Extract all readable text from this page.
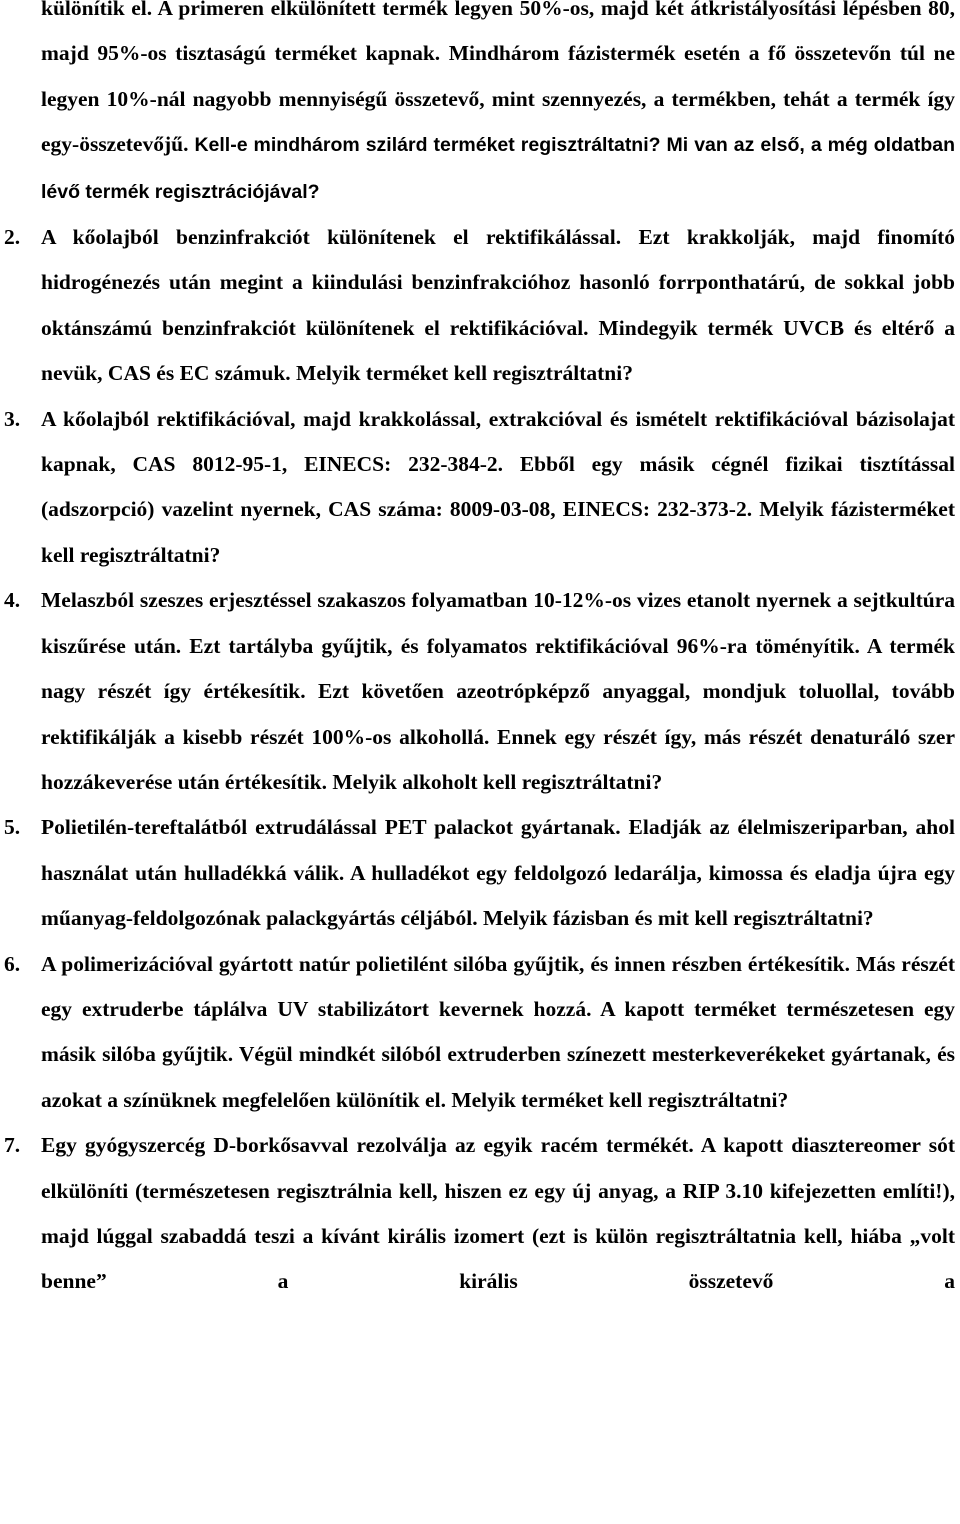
különítik el. A primeren elkülönített termék legyen 50%-os, majd két átkristályosítási lépésben 80, majd 95%-os tisztaságú terméket kapnak. Mindhárom fázistermék esetén a fő összetevőn túl ne legyen 10%-nál nagyobb mennyiségű összetevő, mint szennyezés, a termékben, tehát a termék így egy-összetevőjű. Kell-e mindhárom szilárd terméket regisztráltatni? Mi van az első, a még oldatban lévő termék regisztrációjával?

2. A kőolajból benzinfrakciót különítenek el rektifikálással. Ezt krakkolják, majd finomító hidrogénezés után megint a kiindulási benzinfrakcióhoz hasonló forrponthatárú, de sokkal jobb oktánszámú benzinfrakciót különítenek el rektifikációval. Mindegyik termék UVCB és eltérő a nevük, CAS és EC számuk. Melyik terméket kell regisztráltatni?

3. A kőolajból rektifikációval, majd krakkolással, extrakcióval és ismételt rektifikációval bázisolajat kapnak, CAS 8012-95-1, EINECS: 232-384-2. Ebből egy másik cégnél fizikai tisztítással (adszorpció) vazelint nyernek, CAS száma: 8009-03-08, EINECS: 232-373-2. Melyik fázisterméket kell regisztráltatni?

4. Melaszból szeszes erjesztéssel szakaszos folyamatban 10-12%-os vizes etanolt nyernek a sejtkultúra kiszűrése után. Ezt tartályba gyűjtik, és folyamatos rektifikációval 96%-ra töményítik. A termék nagy részét így értékesítik. Ezt követően azeotrópképző anyaggal, mondjuk toluollal, tovább rektifikálják a kisebb részét 100%-os alkohollá. Ennek egy részét így, más részét denaturáló szer hozzákeverése után értékesítik. Melyik alkoholt kell regisztráltatni?

5. Polietilén-tereftalátból extrudálással PET palackot gyártanak. Eladják az élelmiszeriparban, ahol használat után hulladékká válik. A hulladékot egy feldolgozó ledarálja, kimossa és eladja újra egy műanyag-feldolgozónak palackgyártás céljából. Melyik fázisban és mit kell regisztráltatni?

6. A polimerizációval gyártott natúr polietilént silóba gyűjtik, és innen részben értékesítik. Más részét egy extruderbe táplálva UV stabilizátort kevernek hozzá. A kapott terméket természetesen egy másik silóba gyűjtik. Végül mindkét silóból extruderben színezett mesterkeverékeket gyártanak, és azokat a színüknek megfelelően különítik el. Melyik terméket kell regisztráltatni?

7. Egy gyógyszercég D-borkősavval rezolválja az egyik racém termékét. A kapott diasztereomer sót elkülöníti (természetesen regisztrálnia kell, hiszen ez egy új anyag, a RIP 3.10 kifejezetten említi!), majd lúggal szabaddá teszi a kívánt királis izomert (ezt is külön regisztráltatnia kell, hiába „volt benne” a királis összetevő a
